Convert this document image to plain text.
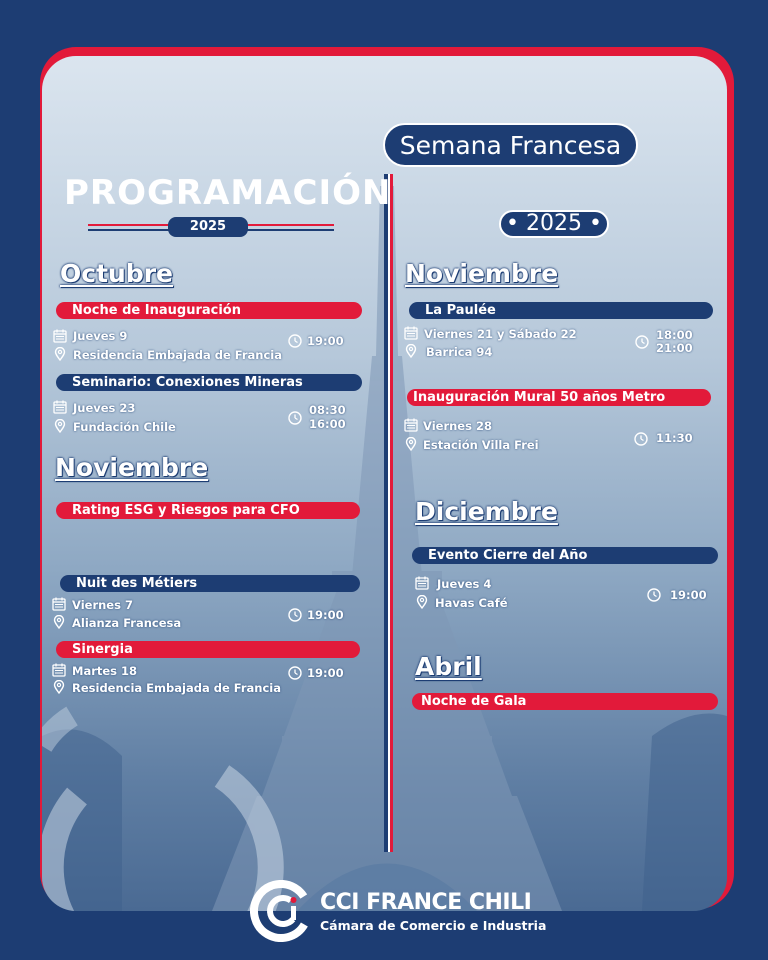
PROGRAMACIÓN
2025
Semana Francesa
• 2025 •
Octubre
Noche de Inauguración
Jueves 9
Residencia Embajada de Francia
19:00
Seminario: Conexiones Mineras
Jueves 23
Fundación Chile
08:30
16:00
Noviembre
Rating ESG y Riesgos para CFO
Nuit des Métiers
Viernes 7
Alianza Francesa
19:00
Sinergia
Martes 18
Residencia Embajada de Francia
19:00
Noviembre
La Paulée
Viernes 21 y Sábado 22
Barrica 94
18:00
21:00
Inauguración Mural 50 años Metro
Viernes 28
Estación Villa Frei	11:30
Diciembre
Evento Cierre del Año
Jueves 4
Havas Café
19:00
Abril
Noche de Gala
CCI FRANCE CHILI
Cámara de Comercio e Industria
